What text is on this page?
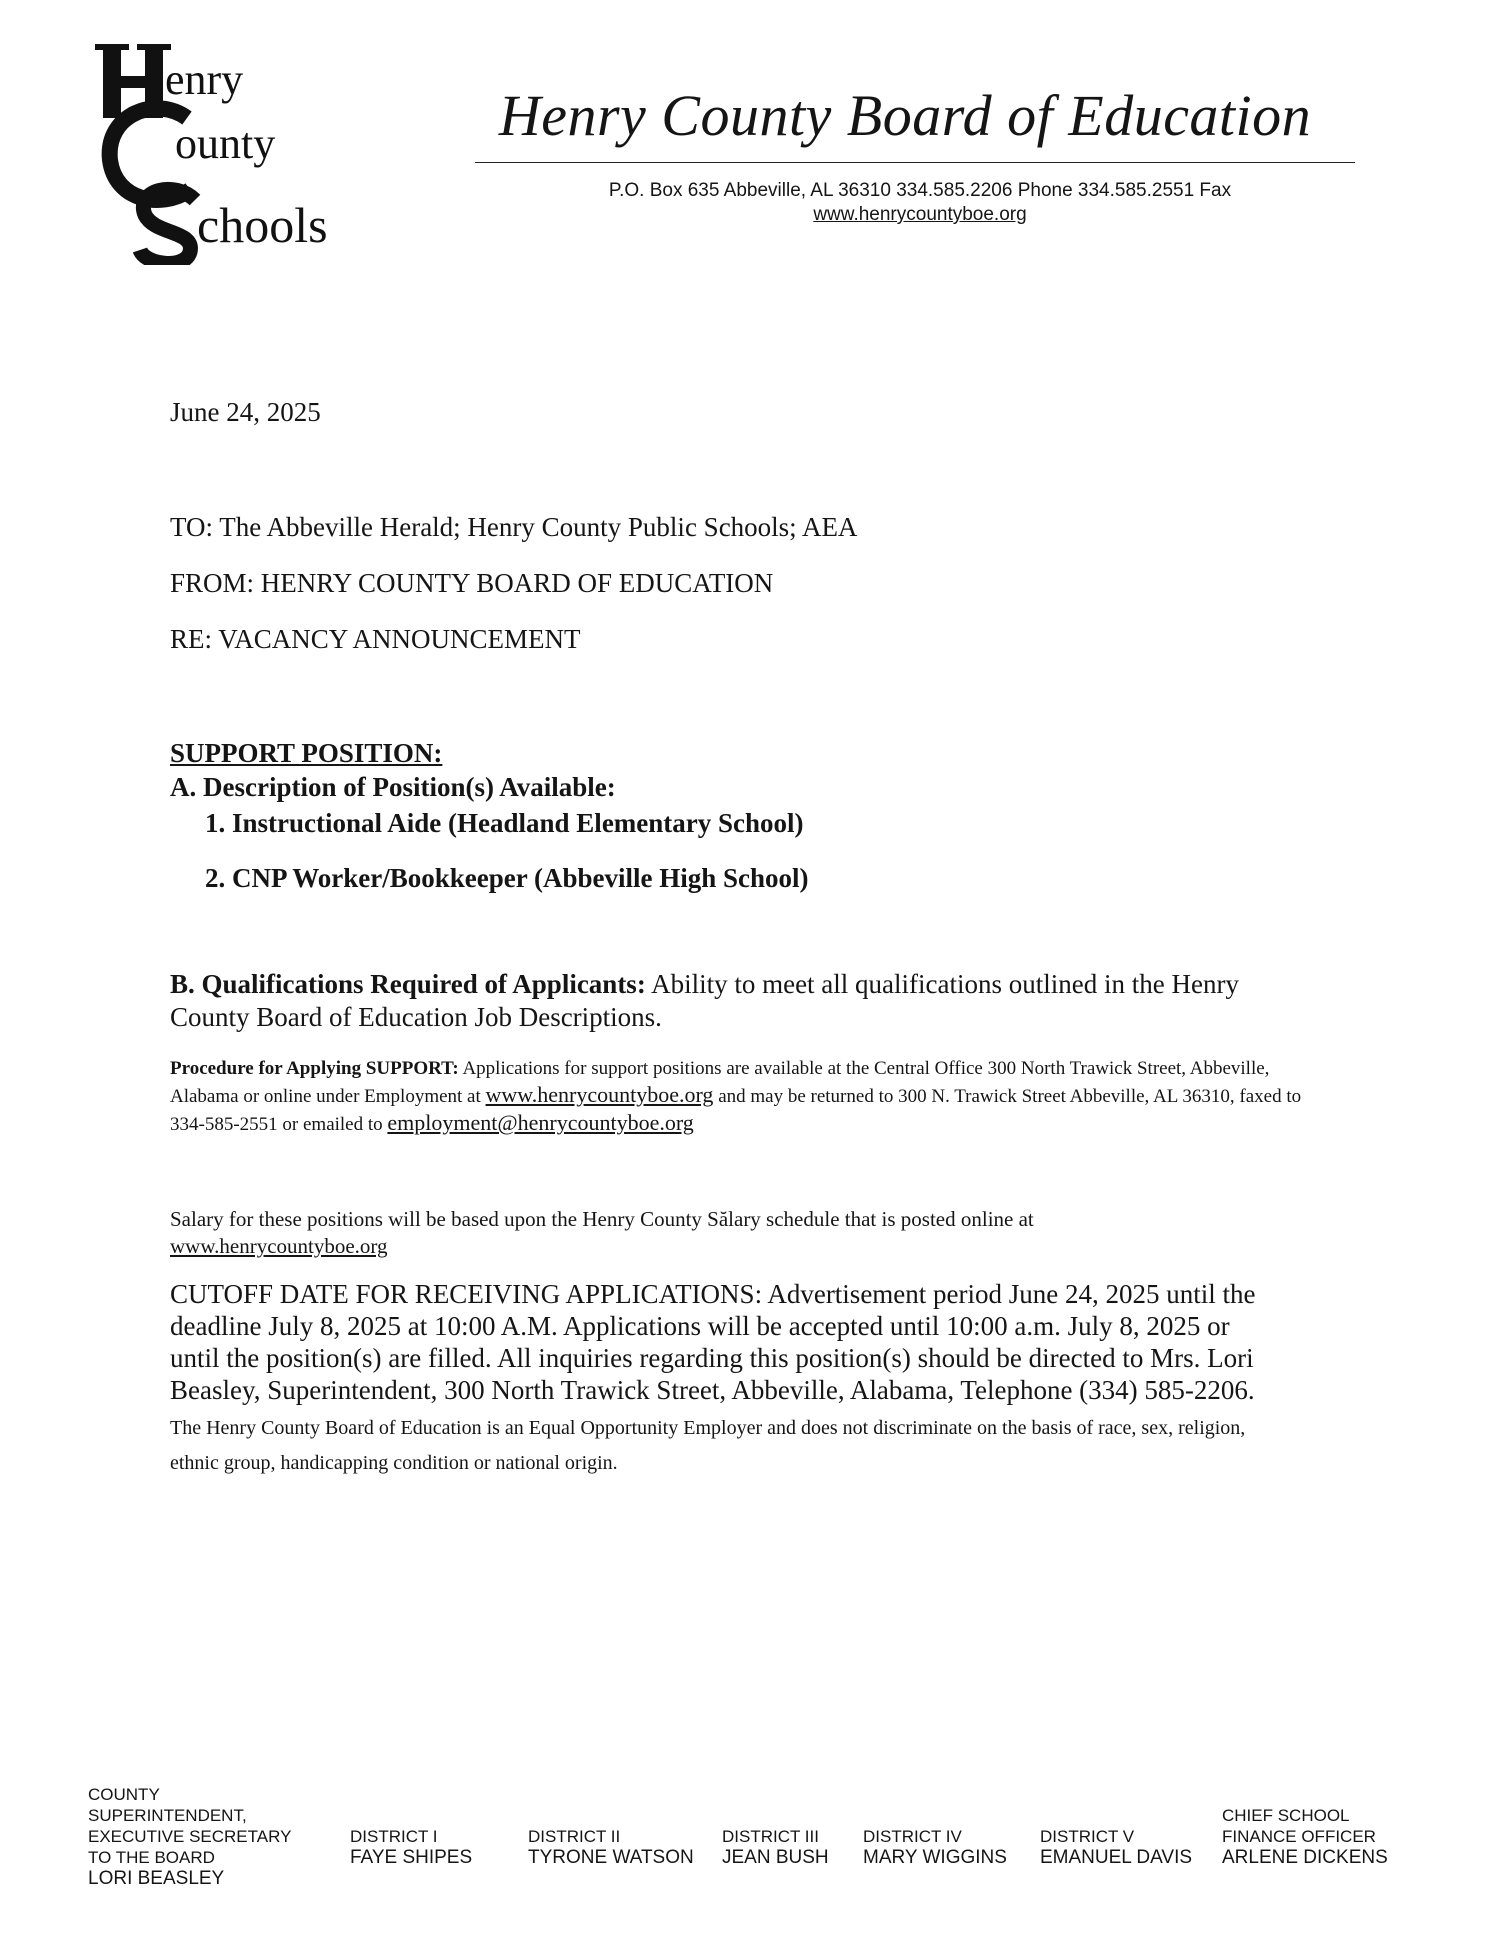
enry
ounty
chools
Henry County Board of Education
P.O. Box 635 Abbeville, AL 36310 334.585.2206 Phone 334.585.2551 Fax
www.henrycountyboe.org
June 24, 2025
TO: The Abbeville Herald; Henry County Public Schools; AEA
FROM: HENRY COUNTY BOARD OF EDUCATION
RE: VACANCY ANNOUNCEMENT
SUPPORT POSITION:
A. Description of Position(s) Available:
1. Instructional Aide (Headland Elementary School)
2. CNP Worker/Bookkeeper (Abbeville High School)
B. Qualifications Required of Applicants: Ability to meet all qualifications outlined in the Henry County Board of Education Job Descriptions.
Procedure for Applying SUPPORT: Applications for support positions are available at the Central Office 300 North Trawick Street, Abbeville, Alabama or online under Employment at www.henrycountyboe.org and may be returned to 300 N. Trawick Street Abbeville, AL 36310, faxed to 334-585-2551 or emailed to employment@henrycountyboe.org
Salary for these positions will be based upon the Henry County Sălary schedule that is posted online at www.henrycountyboe.org
CUTOFF DATE FOR RECEIVING APPLICATIONS: Advertisement period June 24, 2025 until the deadline July 8, 2025 at 10:00 A.M. Applications will be accepted until 10:00 a.m. July 8, 2025 or until the position(s) are filled. All inquiries regarding this position(s) should be directed to Mrs. Lori Beasley, Superintendent, 300 North Trawick Street, Abbeville, Alabama, Telephone (334) 585-2206. The Henry County Board of Education is an Equal Opportunity Employer and does not discriminate on the basis of race, sex, religion, ethnic group, handicapping condition or national origin.
COUNTY SUPERINTENDENT, EXECUTIVE SECRETARY TO THE BOARD
LORI BEASLEY
DISTRICT I
FAYE SHIPES
DISTRICT II
TYRONE WATSON
DISTRICT III
JEAN BUSH
DISTRICT IV
MARY WIGGINS
DISTRICT V
EMANUEL DAVIS
CHIEF SCHOOL FINANCE OFFICER
ARLENE DICKENS
